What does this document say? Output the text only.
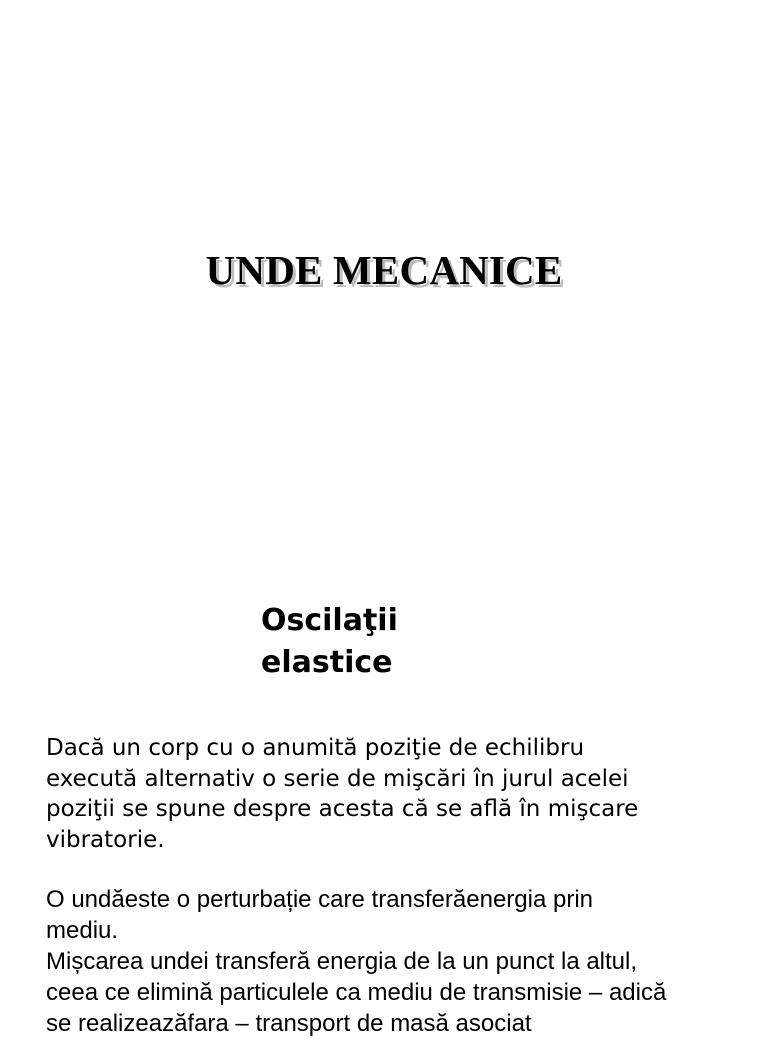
UNDE MECANICE
Oscilaţii
elastice
Dacă un corp cu o anumită poziţie de echilibru
execută alternativ o serie de mişcări în jurul acelei
poziţii se spune despre acesta că se află în mişcare
vibratorie.
O undăeste o perturbație care transferăenergia prin
mediu.
Mișcarea undei transferă energia de la un punct la altul,
ceea ce elimină particulele ca mediu de transmisie – adică
se realizeazăfara – transport de masă asociat
